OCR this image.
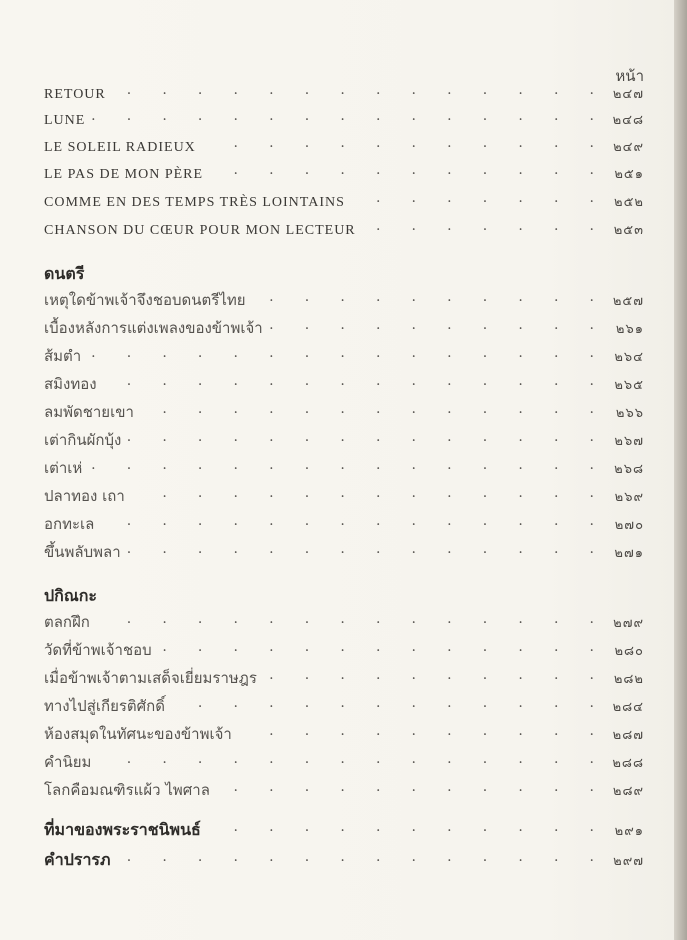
หน้า
RETOUR .	๒๔๗
LUNE .	๒๔๘
LE SOLEIL RADIEUX .	๒๔๙
LE PAS DE MON PÈRE .	๒๕๑
COMME EN DES TEMPS TRÈS LOINTAINS .	๒๕๒
CHANSON DU CŒUR POUR MON LECTEUR .	๒๕๓
ดนตรี
เหตุใดข้าพเจ้าจึงชอบดนตรีไทย .	๒๕๗
เบื้องหลังการแต่งเพลงของข้าพเจ้า .	๒๖๑
ส้มตำ .	๒๖๔
สมิงทอง .	๒๖๕
ลมพัดชายเขา .	๒๖๖
เต่ากินผักบุ้ง .	๒๖๗
เต่าเห่ .	๒๖๘
ปลาทอง เถา .	๒๖๙
อกทะเล .	๒๗๐
ขึ้นพลับพลา .	๒๗๑
ปกิณกะ
ตลกฝึก .	๒๗๙
วัดที่ข้าพเจ้าชอบ .	๒๘๐
เมื่อข้าพเจ้าตามเสด็จเยี่ยมราษฎร .	๒๘๒
ทางไปสู่เกียรติศักดิ์ .	๒๘๔
ห้องสมุดในทัศนะของข้าพเจ้า .	๒๘๗
คำนิยม .	๒๘๘
โลกคือมณฑิรแผ้ว ไพศาล .	๒๘๙
ที่มาของพระราชนิพนธ์ .	๒๙๑
คำปรารภ .	๒๙๗
